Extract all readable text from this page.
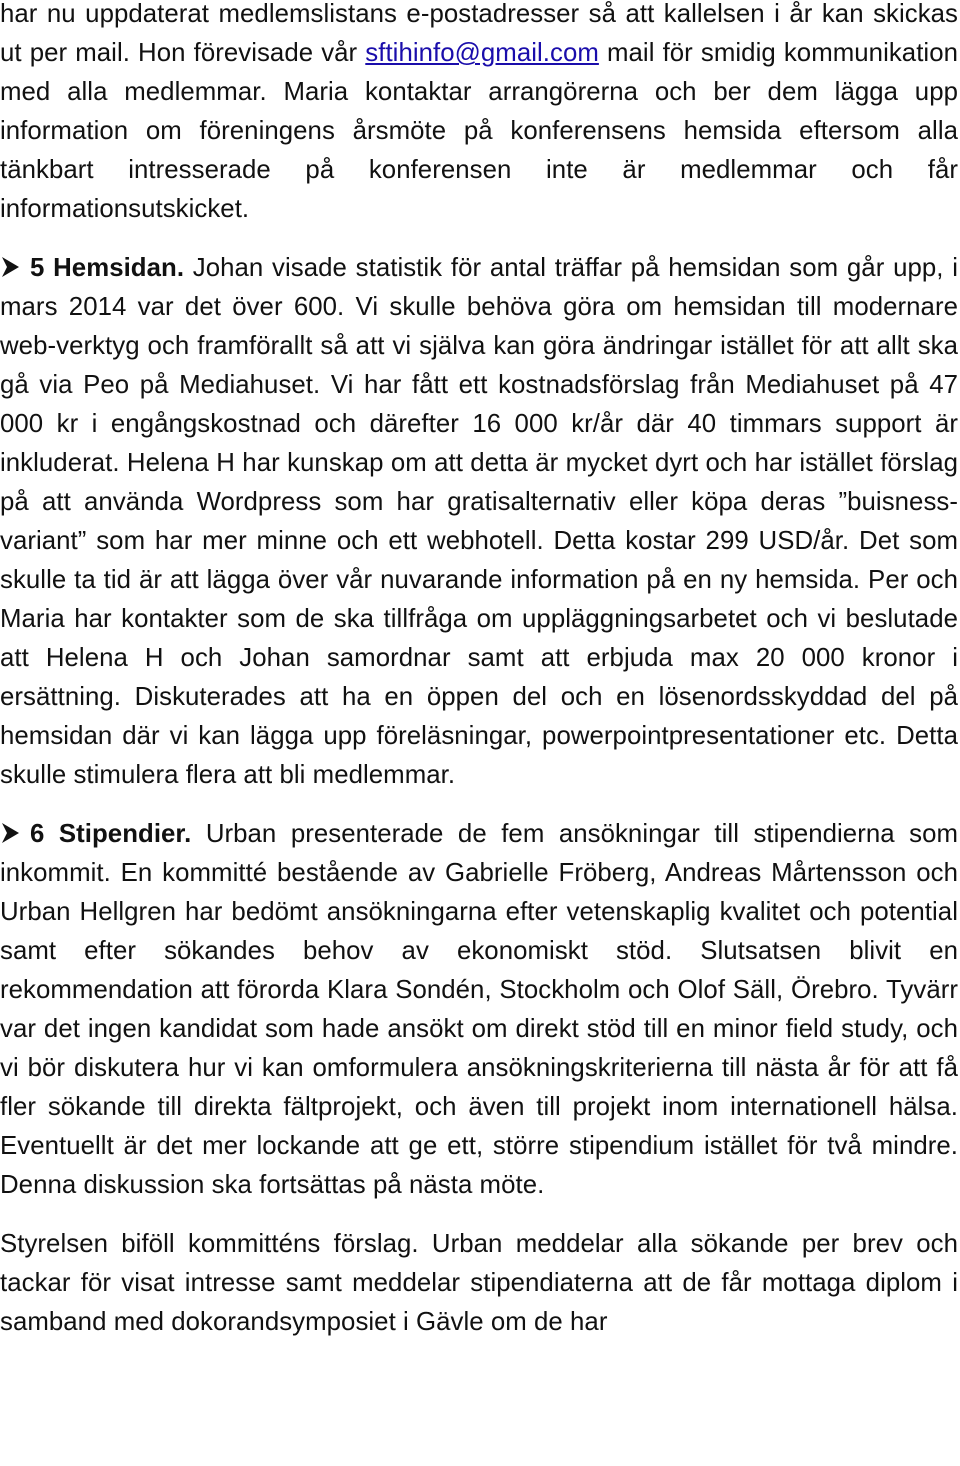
har nu uppdaterat medlemslistans e-postadresser så att kallelsen i år kan skickas ut per mail. Hon förevisade vår sftihinfo@gmail.com mail för smidig kommunikation med alla medlemmar. Maria kontaktar arrangörerna och ber dem lägga upp information om föreningens årsmöte på konferensens hemsida eftersom alla tänkbart intresserade på konferensen inte är medlemmar och får informationsutskicket.

5 Hemsidan. Johan visade statistik för antal träffar på hemsidan som går upp, i mars 2014 var det över 600. Vi skulle behöva göra om hemsidan till modernare web-verktyg och framförallt så att vi själva kan göra ändringar istället för att allt ska gå via Peo på Mediahuset. Vi har fått ett kostnadsförslag från Mediahuset på 47 000 kr i engångskostnad och därefter 16 000 kr/år där 40 timmars support är inkluderat. Helena H har kunskap om att detta är mycket dyrt och har istället förslag på att använda Wordpress som har gratisalternativ eller köpa deras ”buisness-variant” som har mer minne och ett webhotell. Detta kostar 299 USD/år. Det som skulle ta tid är att lägga över vår nuvarande information på en ny hemsida. Per och Maria har kontakter som de ska tillfråga om uppläggningsarbetet och vi beslutade att Helena H och Johan samordnar samt att erbjuda max 20 000 kronor i ersättning. Diskuterades att ha en öppen del och en lösenordsskyddad del på hemsidan där vi kan lägga upp föreläsningar, powerpointpresentationer etc. Detta skulle stimulera flera att bli medlemmar.

6 Stipendier. Urban presenterade de fem ansökningar till stipendierna som inkommit. En kommitté bestående av Gabrielle Fröberg, Andreas Mårtensson och Urban Hellgren har bedömt ansökningarna efter vetenskaplig kvalitet och potential samt efter sökandes behov av ekonomiskt stöd. Slutsatsen blivit en rekommendation att förorda Klara Sondén, Stockholm och Olof Säll, Örebro. Tyvärr var det ingen kandidat som hade ansökt om direkt stöd till en minor field study, och vi bör diskutera hur vi kan omformulera ansökningskriterierna till nästa år för att få fler sökande till direkta fältprojekt, och även till projekt inom internationell hälsa. Eventuellt är det mer lockande att ge ett, större stipendium istället för två mindre. Denna diskussion ska fortsättas på nästa möte.

Styrelsen biföll kommitténs förslag. Urban meddelar alla sökande per brev och tackar för visat intresse samt meddelar stipendiaterna att de får mottaga diplom i samband med dokorandsymposiet i Gävle om de har
